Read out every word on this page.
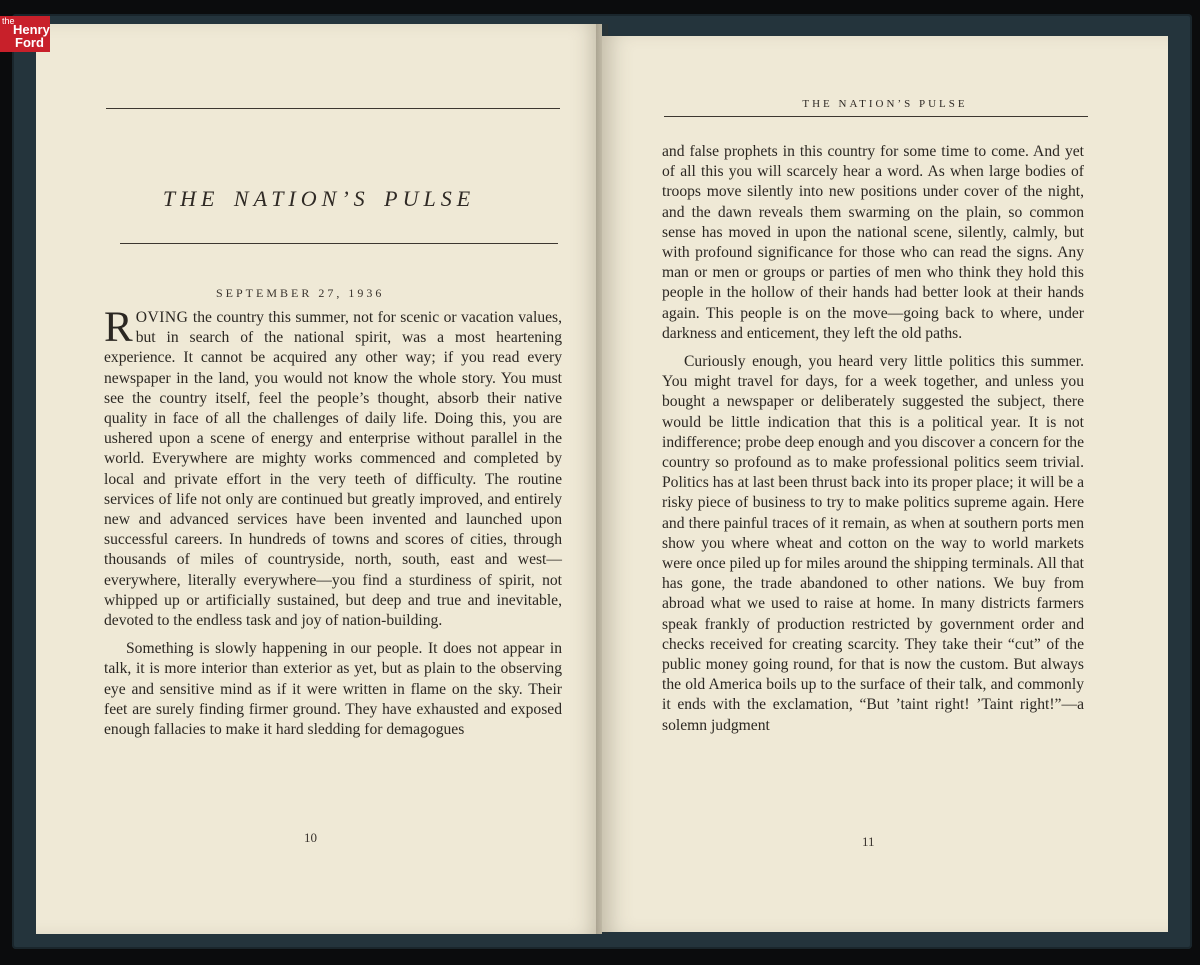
THE NATION’S PULSE
SEPTEMBER 27, 1936

ROVING the country this summer, not for scenic or vacation values, but in search of the national spirit, was a most heartening experience. It cannot be acquired any other way; if you read every newspaper in the land, you would not know the whole story. You must see the country itself, feel the people’s thought, absorb their native quality in face of all the challenges of daily life. Doing this, you are ushered upon a scene of energy and enterprise without parallel in the world. Everywhere are mighty works commenced and completed by local and private effort in the very teeth of difficulty. The routine services of life not only are continued but greatly improved, and entirely new and advanced services have been invented and launched upon successful careers. In hundreds of towns and scores of cities, through thousands of miles of countryside, north, south, east and west—everywhere, literally everywhere—you find a sturdiness of spirit, not whipped up or artificially sustained, but deep and true and inevitable, devoted to the endless task and joy of nation-building.

Something is slowly happening in our people. It does not appear in talk, it is more interior than exterior as yet, but as plain to the observing eye and sensitive mind as if it were written in flame on the sky. Their feet are surely finding firmer ground. They have exhausted and exposed enough fallacies to make it hard sledding for demagogues

10
THE NATION’S PULSE

and false prophets in this country for some time to come. And yet of all this you will scarcely hear a word. As when large bodies of troops move silently into new positions under cover of the night, and the dawn reveals them swarming on the plain, so common sense has moved in upon the national scene, silently, calmly, but with profound significance for those who can read the signs. Any man or men or groups or parties of men who think they hold this people in the hollow of their hands had better look at their hands again. This people is on the move—going back to where, under darkness and enticement, they left the old paths.

Curiously enough, you heard very little politics this summer. You might travel for days, for a week together, and unless you bought a newspaper or deliberately suggested the subject, there would be little indication that this is a political year. It is not indifference; probe deep enough and you discover a concern for the country so profound as to make professional politics seem trivial. Politics has at last been thrust back into its proper place; it will be a risky piece of business to try to make politics supreme again. Here and there painful traces of it remain, as when at southern ports men show you where wheat and cotton on the way to world markets were once piled up for miles around the shipping terminals. All that has gone, the trade abandoned to other nations. We buy from abroad what we used to raise at home. In many districts farmers speak frankly of production restricted by government order and checks received for creating scarcity. They take their “cut” of the public money going round, for that is now the custom. But always the old America boils up to the surface of their talk, and commonly it ends with the exclamation, “But ’taint right! ’Taint right!”—a solemn judgment

11
the
Henry
Ford
